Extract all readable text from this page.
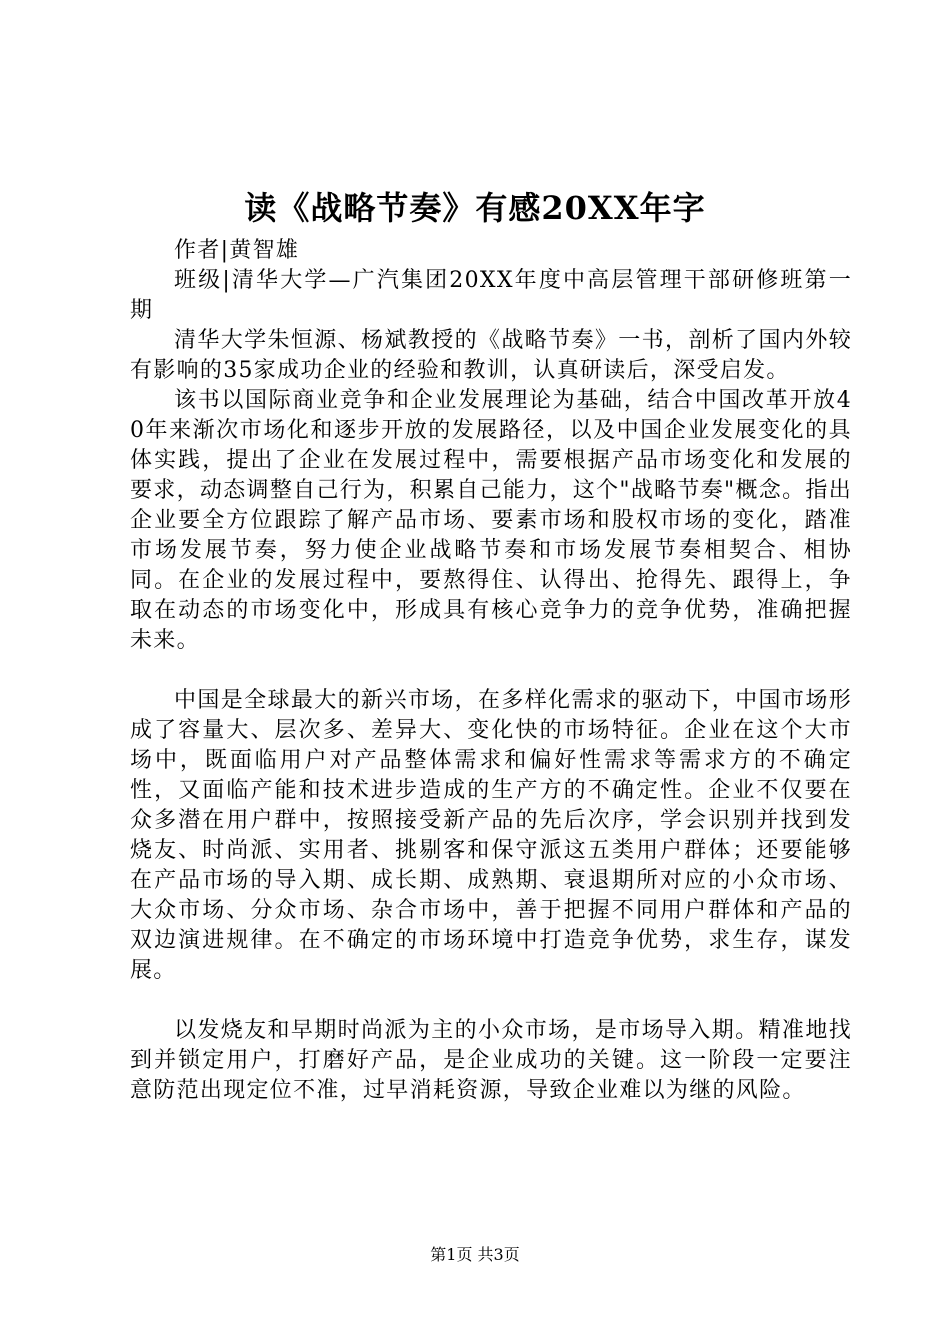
读《战略节奏》有感20XX年字

作者|黄智雄

班级|清华大学—广汽集团20XX年度中高层管理干部研修班第一期

清华大学朱恒源、杨斌教授的《战略节奏》一书，剖析了国内外较有影响的35家成功企业的经验和教训，认真研读后，深受启发。

该书以国际商业竞争和企业发展理论为基础，结合中国改革开放40年来渐次市场化和逐步开放的发展路径，以及中国企业发展变化的具体实践，提出了企业在发展过程中，需要根据产品市场变化和发展的要求，动态调整自己行为，积累自己能力，这个"战略节奏"概念。指出企业要全方位跟踪了解产品市场、要素市场和股权市场的变化，踏准市场发展节奏，努力使企业战略节奏和市场发展节奏相契合、相协同。在企业的发展过程中，要熬得住、认得出、抢得先、跟得上，争取在动态的市场变化中，形成具有核心竞争力的竞争优势，准确把握未来。

中国是全球最大的新兴市场，在多样化需求的驱动下，中国市场形成了容量大、层次多、差异大、变化快的市场特征。企业在这个大市场中，既面临用户对产品整体需求和偏好性需求等需求方的不确定性，又面临产能和技术进步造成的生产方的不确定性。企业不仅要在众多潜在用户群中，按照接受新产品的先后次序，学会识别并找到发烧友、时尚派、实用者、挑剔客和保守派这五类用户群体；还要能够在产品市场的导入期、成长期、成熟期、衰退期所对应的小众市场、大众市场、分众市场、杂合市场中，善于把握不同用户群体和产品的双边演进规律。在不确定的市场环境中打造竞争优势，求生存，谋发展。

以发烧友和早期时尚派为主的小众市场，是市场导入期。精准地找到并锁定用户，打磨好产品，是企业成功的关键。这一阶段一定要注意防范出现定位不准，过早消耗资源，导致企业难以为继的风险。

第1页 共3页
